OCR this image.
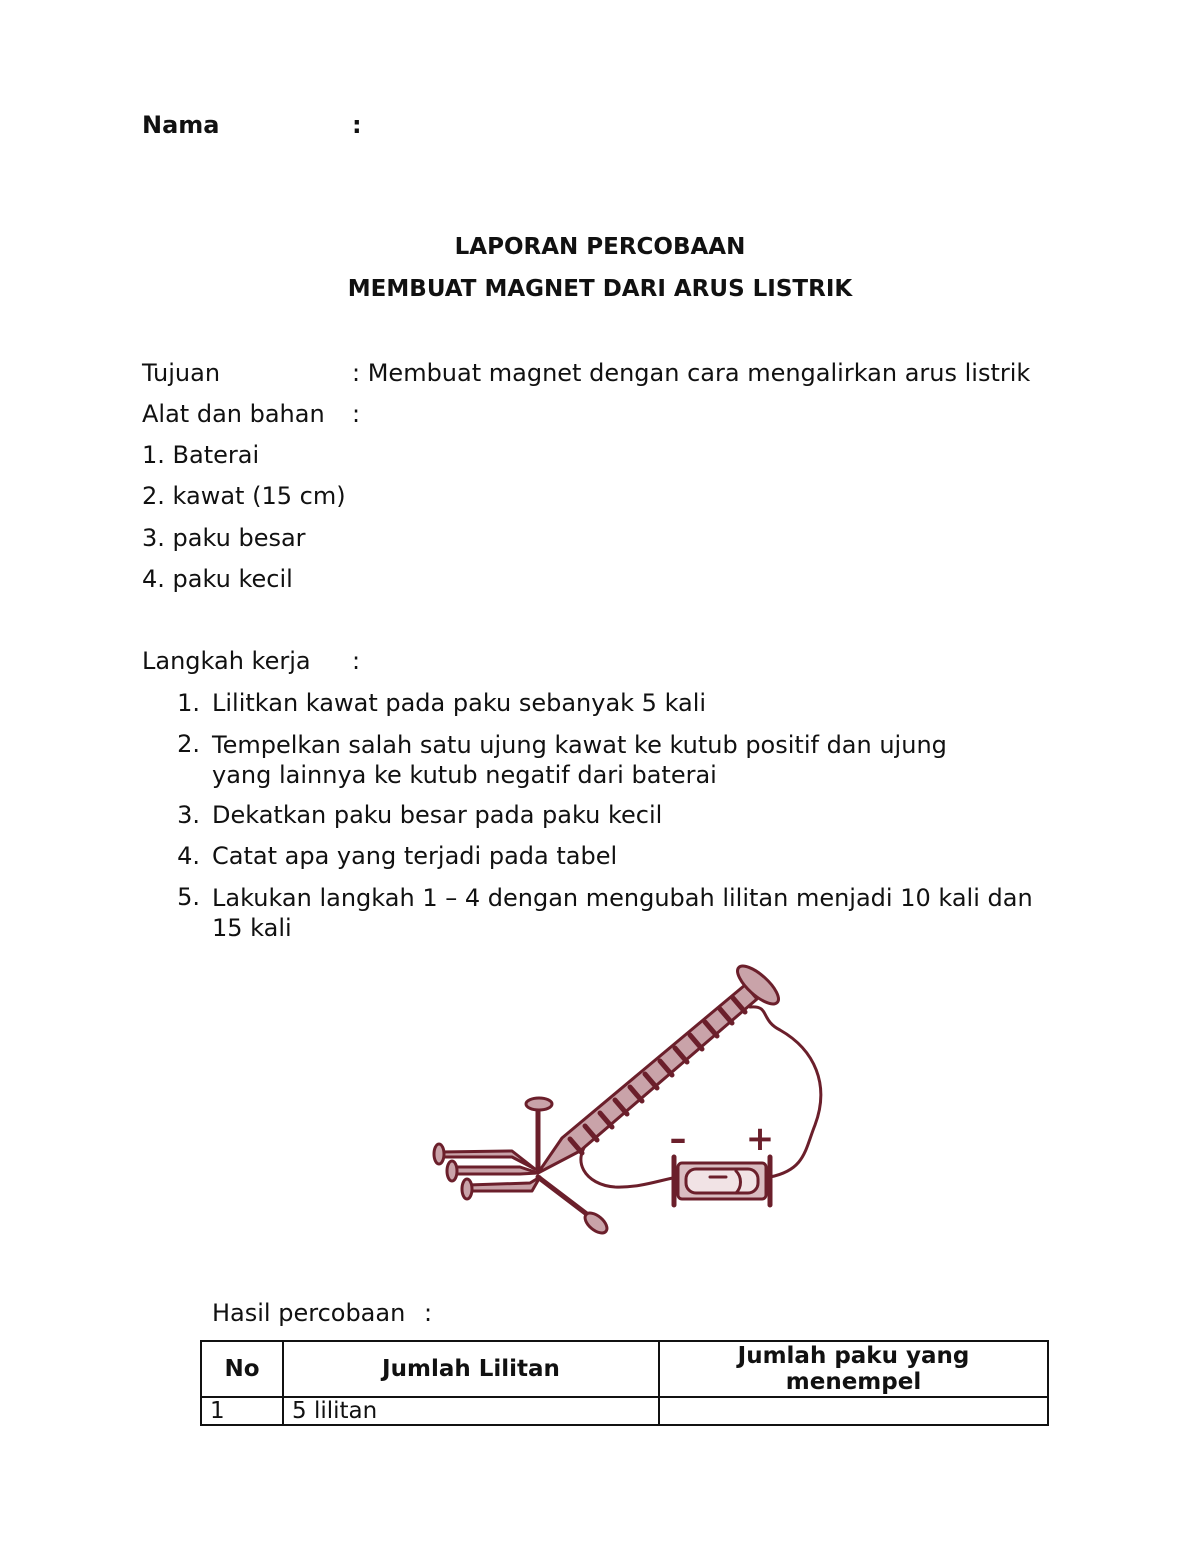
Nama	:
LAPORAN PERCOBAAN
MEMBUAT MAGNET DARI ARUS LISTRIK
Tujuan	: Membuat magnet dengan cara mengalirkan arus listrik
Alat dan bahan :
1. Baterai
2. kawat (15 cm)
3. paku besar
4. paku kecil
Langkah kerja :
1. Lilitkan kawat pada paku sebanyak 5 kali
2. Tempelkan salah satu ujung kawat ke kutub positif dan ujung yang lainnya ke kutub negatif dari baterai
3. Dekatkan paku besar pada paku kecil
4. Catat apa yang terjadi pada tabel
5. Lakukan langkah 1 – 4 dengan mengubah lilitan menjadi 10 kali dan 15 kali
– +
Hasil percobaan :
No	Jumlah Lilitan	Jumlah paku yang menempel
1	5 lilitan	
